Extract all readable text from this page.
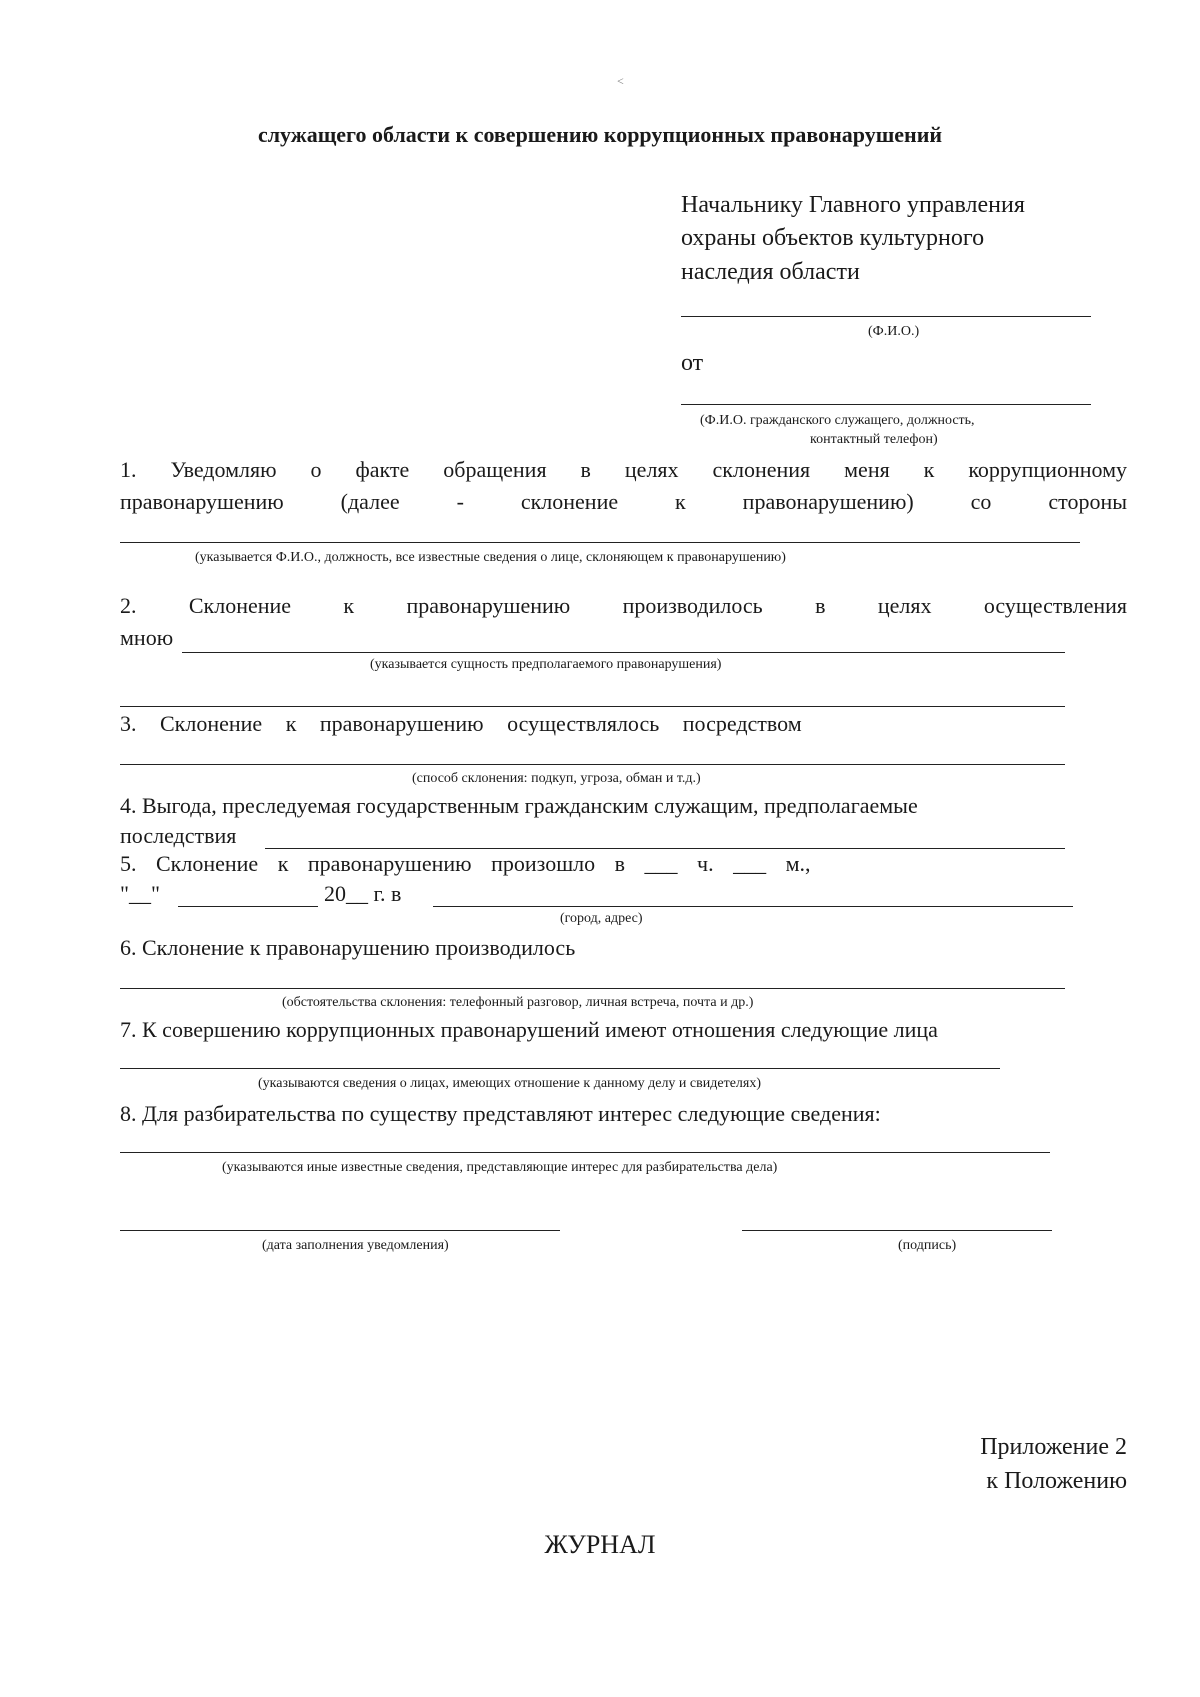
<
служащего области к совершению коррупционных правонарушений
Начальнику Главного управления
охраны объектов культурного
наследия области
(Ф.И.О.)
от
(Ф.И.О. гражданского служащего, должность,
контактный телефон)
1. Уведомляю о факте обращения в целях склонения меня к коррупционному
правонарушению (далее - склонение к правонарушению) со стороны
(указывается Ф.И.О., должность, все известные сведения о лице, склоняющем к правонарушению)
2. Склонение к правонарушению производилось в целях осуществления
мною
(указывается сущность предполагаемого правонарушения)
3. Склонение к правонарушению осуществлялось посредством
(способ склонения: подкуп, угроза, обман и т.д.)
4. Выгода, преследуемая государственным гражданским служащим, предполагаемые
последствия
5. Склонение к правонарушению произошло в ___ ч. ___ м.,
"__"	20__ г. в
(город, адрес)
6. Склонение к правонарушению производилось
(обстоятельства склонения: телефонный разговор, личная встреча, почта и др.)
7. К совершению коррупционных правонарушений имеют отношения следующие лица
(указываются сведения о лицах, имеющих отношение к данному делу и свидетелях)
8. Для разбирательства по существу представляют интерес следующие сведения:
(указываются иные известные сведения, представляющие интерес для разбирательства дела)
(дата заполнения уведомления)	(подпись)
Приложение 2
к Положению
ЖУРНАЛ
